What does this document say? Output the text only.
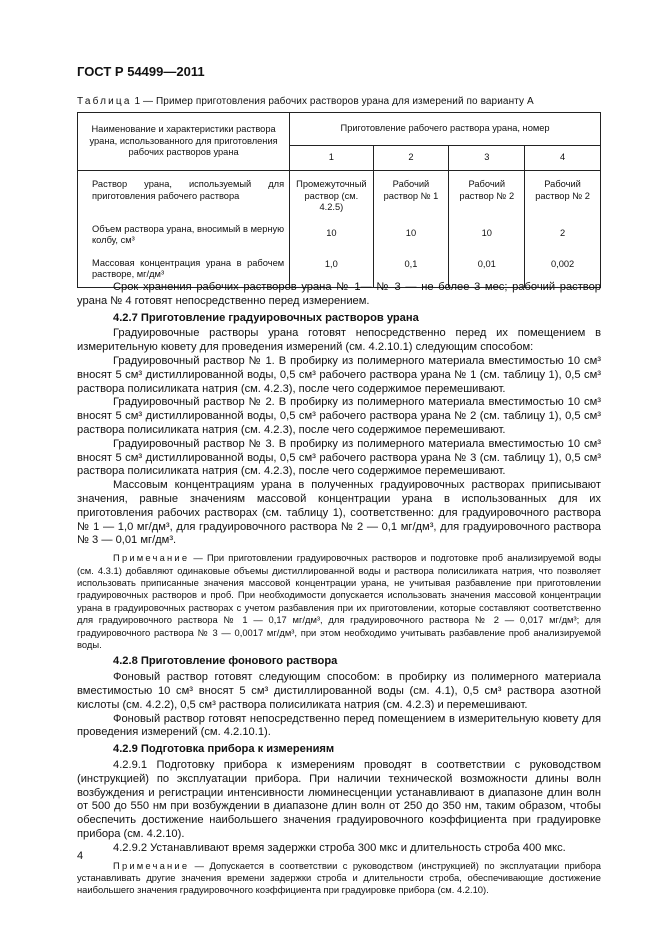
ГОСТ Р 54499—2011
Таблица 1 — Пример приготовления рабочих растворов урана для измерений по варианту А
Наименование и характеристики раствора урана, использованного для приготовления рабочих растворов урана	Приготовление рабочего раствора урана, номер			
	1	2	3	4
Раствор урана, используемый для приготовления рабочего раствора	Промежуточный раствор (см. 4.2.5)	Рабочий раствор № 1	Рабочий раствор № 2	Рабочий раствор № 2
Объем раствора урана, вносимый в мерную колбу, см³	10	10	10	2
Массовая концентрация урана в рабочем растворе, мг/дм³	1,0	0,1	0,01	0,002

Срок хранения рабочих растворов урана № 1— № 3 — не более 3 мес; рабочий раствор урана № 4 готовят непосредственно перед измерением.

4.2.7 Приготовление градуировочных растворов урана

Градуировочные растворы урана готовят непосредственно перед их помещением в измерительную кювету для проведения измерений (см. 4.2.10.1) следующим способом:

Градуировочный раствор № 1. В пробирку из полимерного материала вместимостью 10 см³ вносят 5 см³ дистиллированной воды, 0,5 см³ рабочего раствора урана № 1 (см. таблицу 1), 0,5 см³ раствора полисиликата натрия (см. 4.2.3), после чего содержимое перемешивают.

Градуировочный раствор № 2. В пробирку из полимерного материала вместимостью 10 см³ вносят 5 см³ дистиллированной воды, 0,5 см³ рабочего раствора урана № 2 (см. таблицу 1), 0,5 см³ раствора полисиликата натрия (см. 4.2.3), после чего содержимое перемешивают.

Градуировочный раствор № 3. В пробирку из полимерного материала вместимостью 10 см³ вносят 5 см³ дистиллированной воды, 0,5 см³ рабочего раствора урана № 3 (см. таблицу 1), 0,5 см³ раствора полисиликата натрия (см. 4.2.3), после чего содержимое перемешивают.

Массовым концентрациям урана в полученных градуировочных растворах приписывают значения, равные значениям массовой концентрации урана в использованных для их приготовления рабочих растворах (см. таблицу 1), соответственно: для градуировочного раствора № 1 — 1,0 мг/дм³, для градуировочного раствора № 2 — 0,1 мг/дм³, для градуировочного раствора № 3 — 0,01 мг/дм³.

Примечание — При приготовлении градуировочных растворов и подготовке проб анализируемой воды (см. 4.3.1) добавляют одинаковые объемы дистиллированной воды и раствора полисиликата натрия, что позволяет использовать приписанные значения массовой концентрации урана, не учитывая разбавление при приготовлении градуировочных растворов и проб. При необходимости допускается использовать значения массовой концентрации урана в градуировочных растворах с учетом разбавления при их приготовлении, которые составляют соответственно для градуировочного раствора № 1 — 0,17 мг/дм³, для градуировочного раствора № 2 — 0,017 мг/дм³; для градуировочного раствора № 3 — 0,0017 мг/дм³, при этом необходимо учитывать разбавление проб анализируемой воды.

4.2.8 Приготовление фонового раствора

Фоновый раствор готовят следующим способом: в пробирку из полимерного материала вместимостью 10 см³ вносят 5 см³ дистиллированной воды (см. 4.1), 0,5 см³ раствора азотной кислоты (см. 4.2.2), 0,5 см³ раствора полисиликата натрия (см. 4.2.3) и перемешивают.

Фоновый раствор готовят непосредственно перед помещением в измерительную кювету для проведения измерений (см. 4.2.10.1).

4.2.9 Подготовка прибора к измерениям

4.2.9.1 Подготовку прибора к измерениям проводят в соответствии с руководством (инструкцией) по эксплуатации прибора. При наличии технической возможности длины волн возбуждения и регистрации интенсивности люминесценции устанавливают в диапазоне длин волн от 500 до 550 нм при возбуждении в диапазоне длин волн от 250 до 350 нм, таким образом, чтобы обеспечить достижение наибольшего значения градуировочного коэффициента при градуировке прибора (см. 4.2.10).

4.2.9.2 Устанавливают время задержки строба 300 мкс и длительность строба 400 мкс.

Примечание — Допускается в соответствии с руководством (инструкцией) по эксплуатации прибора устанавливать другие значения времени задержки строба и длительности строба, обеспечивающие достижение наибольшего значения градуировочного коэффициента при градуировке прибора (см. 4.2.10).

4
